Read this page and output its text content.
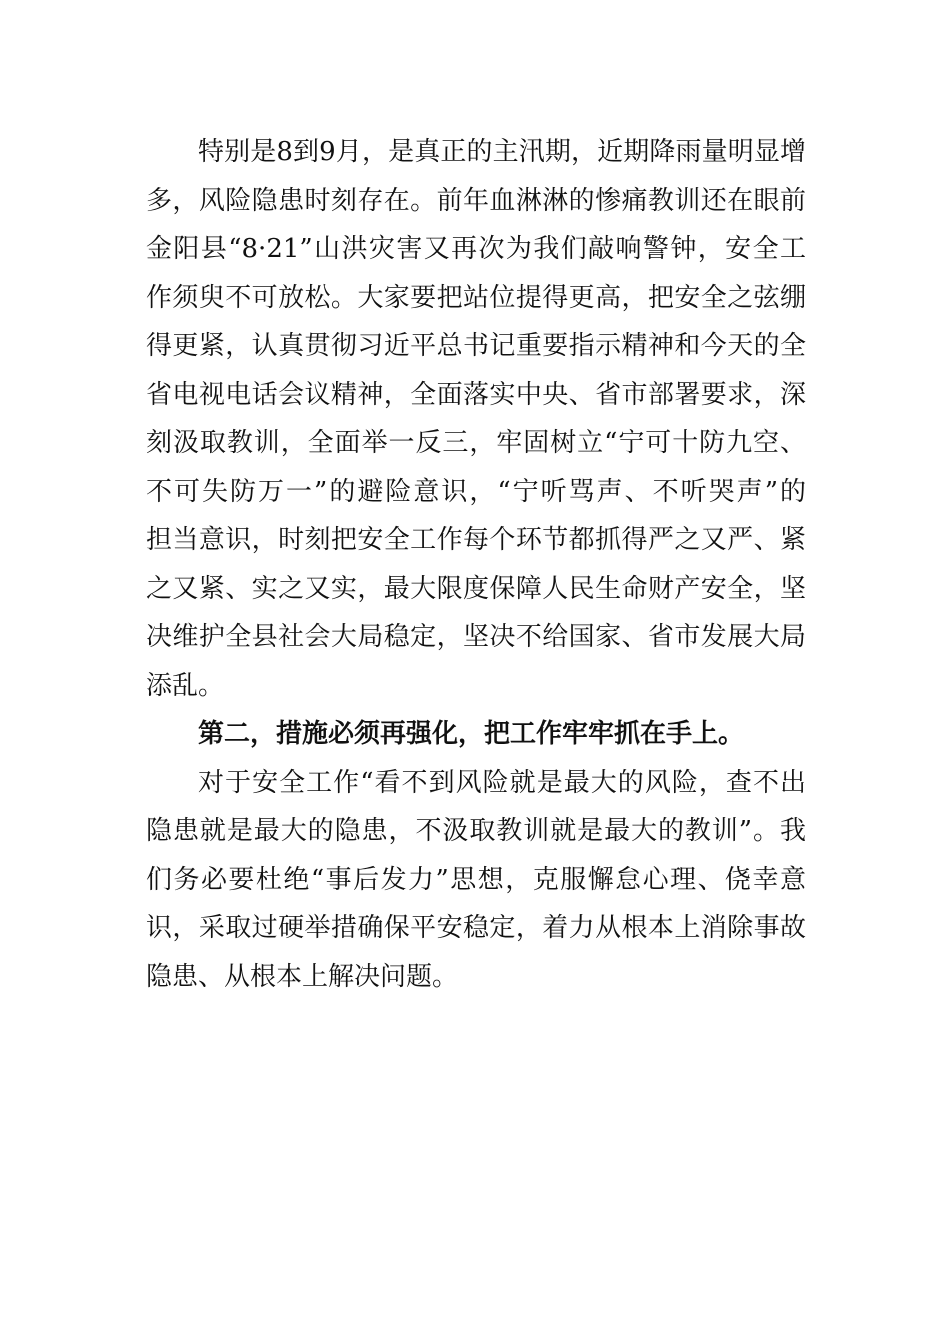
特别是8到9月，是真正的主汛期，近期降雨量明显增
多，风险隐患时刻存在。前年血淋淋的惨痛教训还在眼前
金阳县“8·21”山洪灾害又再次为我们敲响警钟，安全工
作须臾不可放松。大家要把站位提得更高，把安全之弦绷
得更紧，认真贯彻习近平总书记重要指示精神和今天的全
省电视电话会议精神，全面落实中央、省市部署要求，深
刻汲取教训，全面举一反三，牢固树立“宁可十防九空、
不可失防万一”的避险意识，“宁听骂声、不听哭声”的
担当意识，时刻把安全工作每个环节都抓得严之又严、紧
之又紧、实之又实，最大限度保障人民生命财产安全，坚
决维护全县社会大局稳定，坚决不给国家、省市发展大局
添乱。
第二，措施必须再强化，把工作牢牢抓在手上。
对于安全工作“看不到风险就是最大的风险，查不出
隐患就是最大的隐患，不汲取教训就是最大的教训”。我
们务必要杜绝“事后发力”思想，克服懈怠心理、侥幸意
识，采取过硬举措确保平安稳定，着力从根本上消除事故
隐患、从根本上解决问题。
